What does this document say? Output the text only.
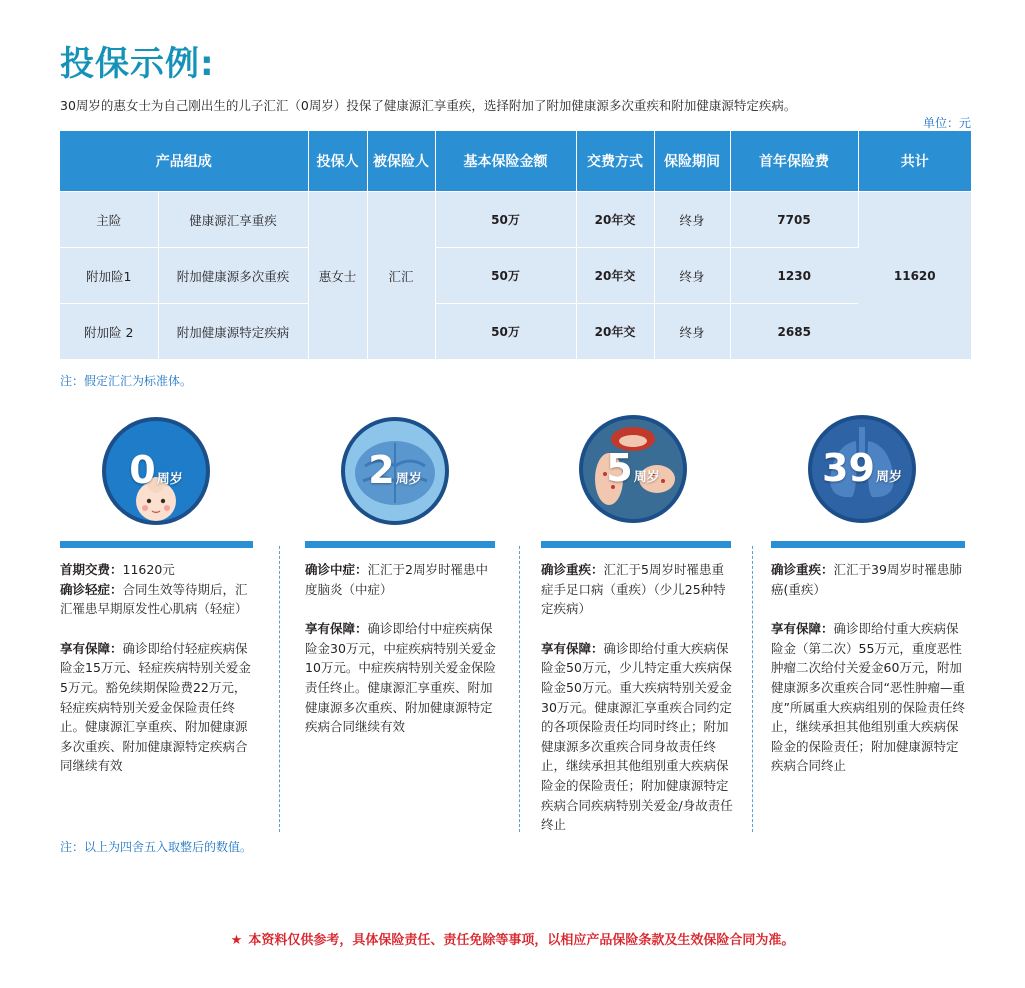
投保示例:
30周岁的惠女士为自己刚出生的儿子汇汇（0周岁）投保了健康源汇享重疾，选择附加了附加健康源多次重疾和附加健康源特定疾病。
单位：元
产品组成		投保人	被保险人	基本保险金额	交费方式	保险期间	首年保险费	共计
主险	健康源汇享重疾	惠女士	汇汇	50万	20年交	终身	7705	11620
附加险1	附加健康源多次重疾			50万	20年交	终身	1230	
附加险 2	附加健康源特定疾病			50万	20年交	终身	2685	
注：假定汇汇为标准体。
0周岁

首期交费：11620元

确诊轻症：合同生效等待期后，汇汇罹患早期原发性心肌病（轻症）

享有保障：确诊即给付轻症疾病保险金15万元、轻症疾病特别关爱金5万元。豁免续期保险费22万元，轻症疾病特别关爱金保险责任终止。健康源汇享重疾、附加健康源多次重疾、附加健康源特定疾病合同继续有效

2周岁

确诊中症：汇汇于2周岁时罹患中度脑炎（中症）

享有保障：确诊即给付中症疾病保险金30万元，中症疾病特别关爱金10万元。中症疾病特别关爱金保险责任终止。健康源汇享重疾、附加健康源多次重疾、附加健康源特定疾病合同继续有效

5周岁

确诊重疾：汇汇于5周岁时罹患重症手足口病（重疾）（少儿25种特定疾病）

享有保障：确诊即给付重大疾病保险金50万元，少儿特定重大疾病保险金50万元。重大疾病特别关爱金30万元。健康源汇享重疾合同约定的各项保险责任均同时终止；附加健康源多次重疾合同身故责任终止，继续承担其他组别重大疾病保险金的保险责任；附加健康源特定疾病合同疾病特别关爱金/身故责任终止

39周岁

确诊重疾：汇汇于39周岁时罹患肺癌(重疾）

享有保障：确诊即给付重大疾病保险金（第二次）55万元，重度恶性肿瘤二次给付关爱金60万元，附加健康源多次重疾合同“恶性肿瘤—重度”所属重大疾病组别的保险责任终止，继续承担其他组别重大疾病保险金的保险责任；附加健康源特定疾病合同终止

注：以上为四舍五入取整后的数值。
★ 本资料仅供参考，具体保险责任、责任免除等事项，以相应产品保险条款及生效保险合同为准。
